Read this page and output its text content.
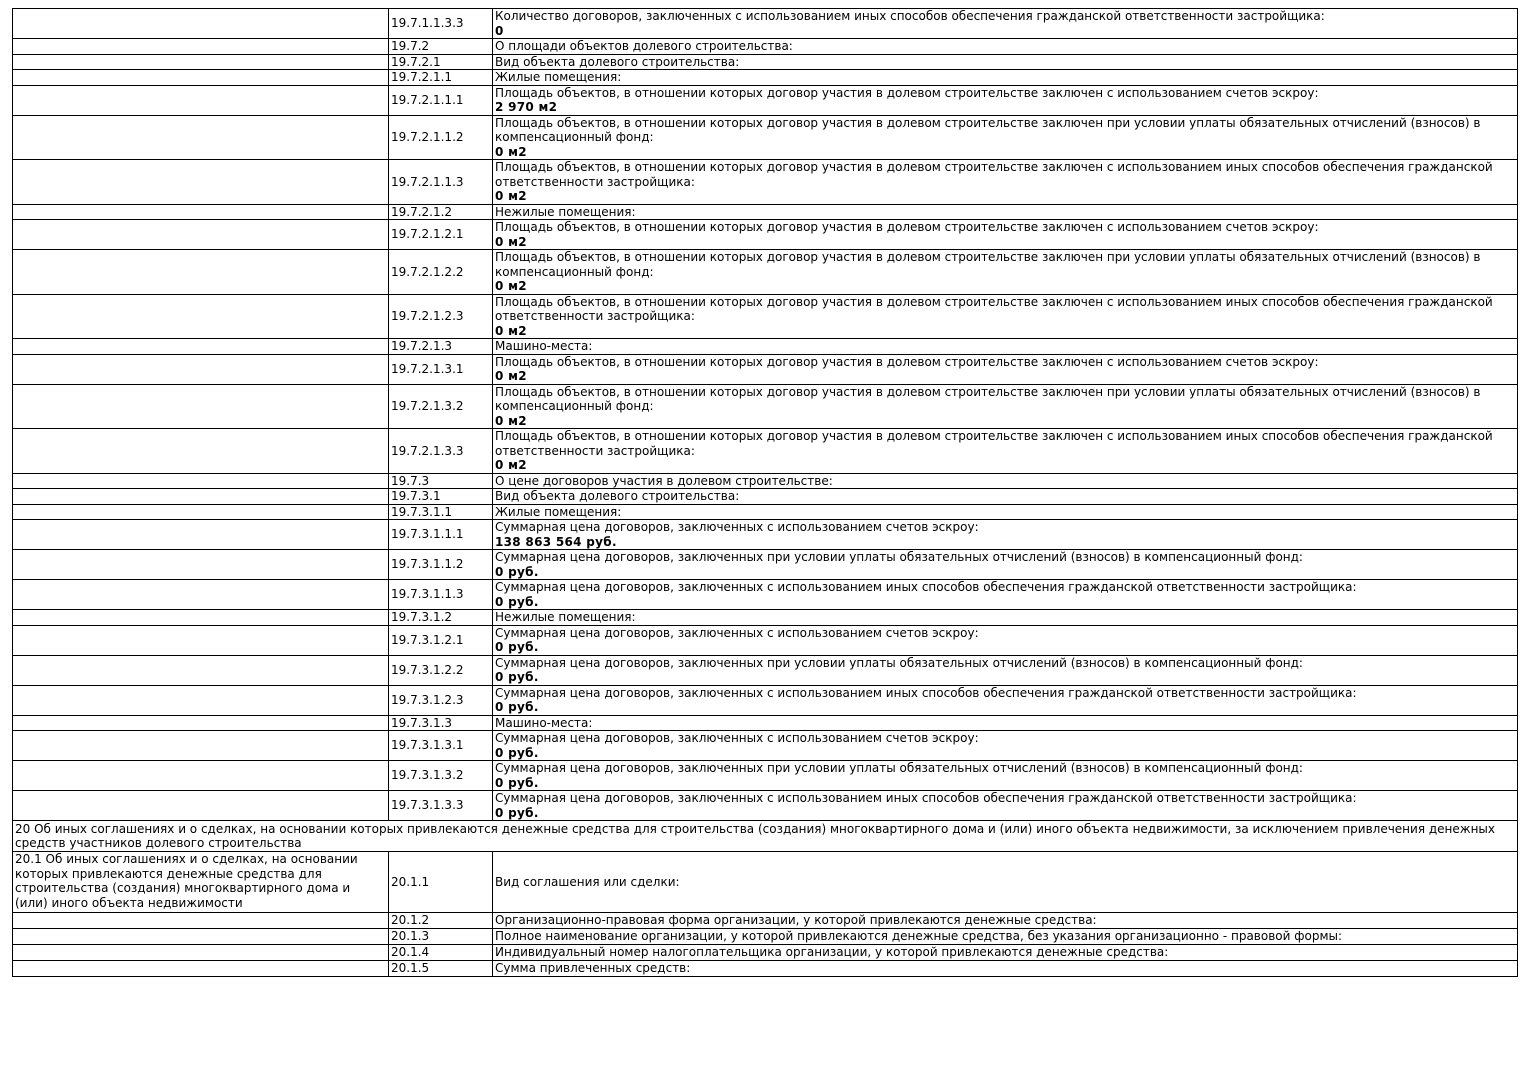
	19.7.1.1.3.3	Количество договоров, заключенных с использованием иных способов обеспечения гражданской ответственности застройщика:
0

	19.7.2	О площади объектов долевого строительства:

	19.7.2.1	Вид объекта долевого строительства:

	19.7.2.1.1	Жилые помещения:

	19.7.2.1.1.1	Площадь объектов, в отношении которых договор участия в долевом строительстве заключен с использованием счетов эскроу:
2 970 м2

	19.7.2.1.1.2	Площадь объектов, в отношении которых договор участия в долевом строительстве заключен при условии уплаты обязательных отчислений (взносов) в компенсационный фонд:
0 м2

	19.7.2.1.1.3	Площадь объектов, в отношении которых договор участия в долевом строительстве заключен с использованием иных способов обеспечения гражданской ответственности застройщика:
0 м2

	19.7.2.1.2	Нежилые помещения:

	19.7.2.1.2.1	Площадь объектов, в отношении которых договор участия в долевом строительстве заключен с использованием счетов эскроу:
0 м2

	19.7.2.1.2.2	Площадь объектов, в отношении которых договор участия в долевом строительстве заключен при условии уплаты обязательных отчислений (взносов) в компенсационный фонд:
0 м2

	19.7.2.1.2.3	Площадь объектов, в отношении которых договор участия в долевом строительстве заключен с использованием иных способов обеспечения гражданской ответственности застройщика:
0 м2

	19.7.2.1.3	Машино-места:

	19.7.2.1.3.1	Площадь объектов, в отношении которых договор участия в долевом строительстве заключен с использованием счетов эскроу:
0 м2

	19.7.2.1.3.2	Площадь объектов, в отношении которых договор участия в долевом строительстве заключен при условии уплаты обязательных отчислений (взносов) в компенсационный фонд:
0 м2

	19.7.2.1.3.3	Площадь объектов, в отношении которых договор участия в долевом строительстве заключен с использованием иных способов обеспечения гражданской ответственности застройщика:
0 м2

	19.7.3	О цене договоров участия в долевом строительстве:

	19.7.3.1	Вид объекта долевого строительства:

	19.7.3.1.1	Жилые помещения:

	19.7.3.1.1.1	Суммарная цена договоров, заключенных с использованием счетов эскроу:
138 863 564 руб.

	19.7.3.1.1.2	Суммарная цена договоров, заключенных при условии уплаты обязательных отчислений (взносов) в компенсационный фонд:
0 руб.

	19.7.3.1.1.3	Суммарная цена договоров, заключенных с использованием иных способов обеспечения гражданской ответственности застройщика:
0 руб.

	19.7.3.1.2	Нежилые помещения:

	19.7.3.1.2.1	Суммарная цена договоров, заключенных с использованием счетов эскроу:
0 руб.

	19.7.3.1.2.2	Суммарная цена договоров, заключенных при условии уплаты обязательных отчислений (взносов) в компенсационный фонд:
0 руб.

	19.7.3.1.2.3	Суммарная цена договоров, заключенных с использованием иных способов обеспечения гражданской ответственности застройщика:
0 руб.

	19.7.3.1.3	Машино-места:

	19.7.3.1.3.1	Суммарная цена договоров, заключенных с использованием счетов эскроу:
0 руб.

	19.7.3.1.3.2	Суммарная цена договоров, заключенных при условии уплаты обязательных отчислений (взносов) в компенсационный фонд:
0 руб.

	19.7.3.1.3.3	Суммарная цена договоров, заключенных с использованием иных способов обеспечения гражданской ответственности застройщика:
0 руб.

20 Об иных соглашениях и о сделках, на основании которых привлекаются денежные средства для строительства (создания) многоквартирного дома и (или) иного объекта недвижимости, за исключением привлечения денежных средств участников долевого строительства		
20.1 Об иных соглашениях и о сделках, на основании которых привлекаются денежные средства для строительства (создания) многоквартирного дома и (или) иного объекта недвижимости	20.1.1	Вид соглашения или сделки:
	20.1.2	Организационно-правовая форма организации, у которой привлекаются денежные средства:
	20.1.3	Полное наименование организации, у которой привлекаются денежные средства, без указания организационно - правовой формы:
	20.1.4	Индивидуальный номер налогоплательщика организации, у которой привлекаются денежные средства:
	20.1.5	Сумма привлеченных средств:
